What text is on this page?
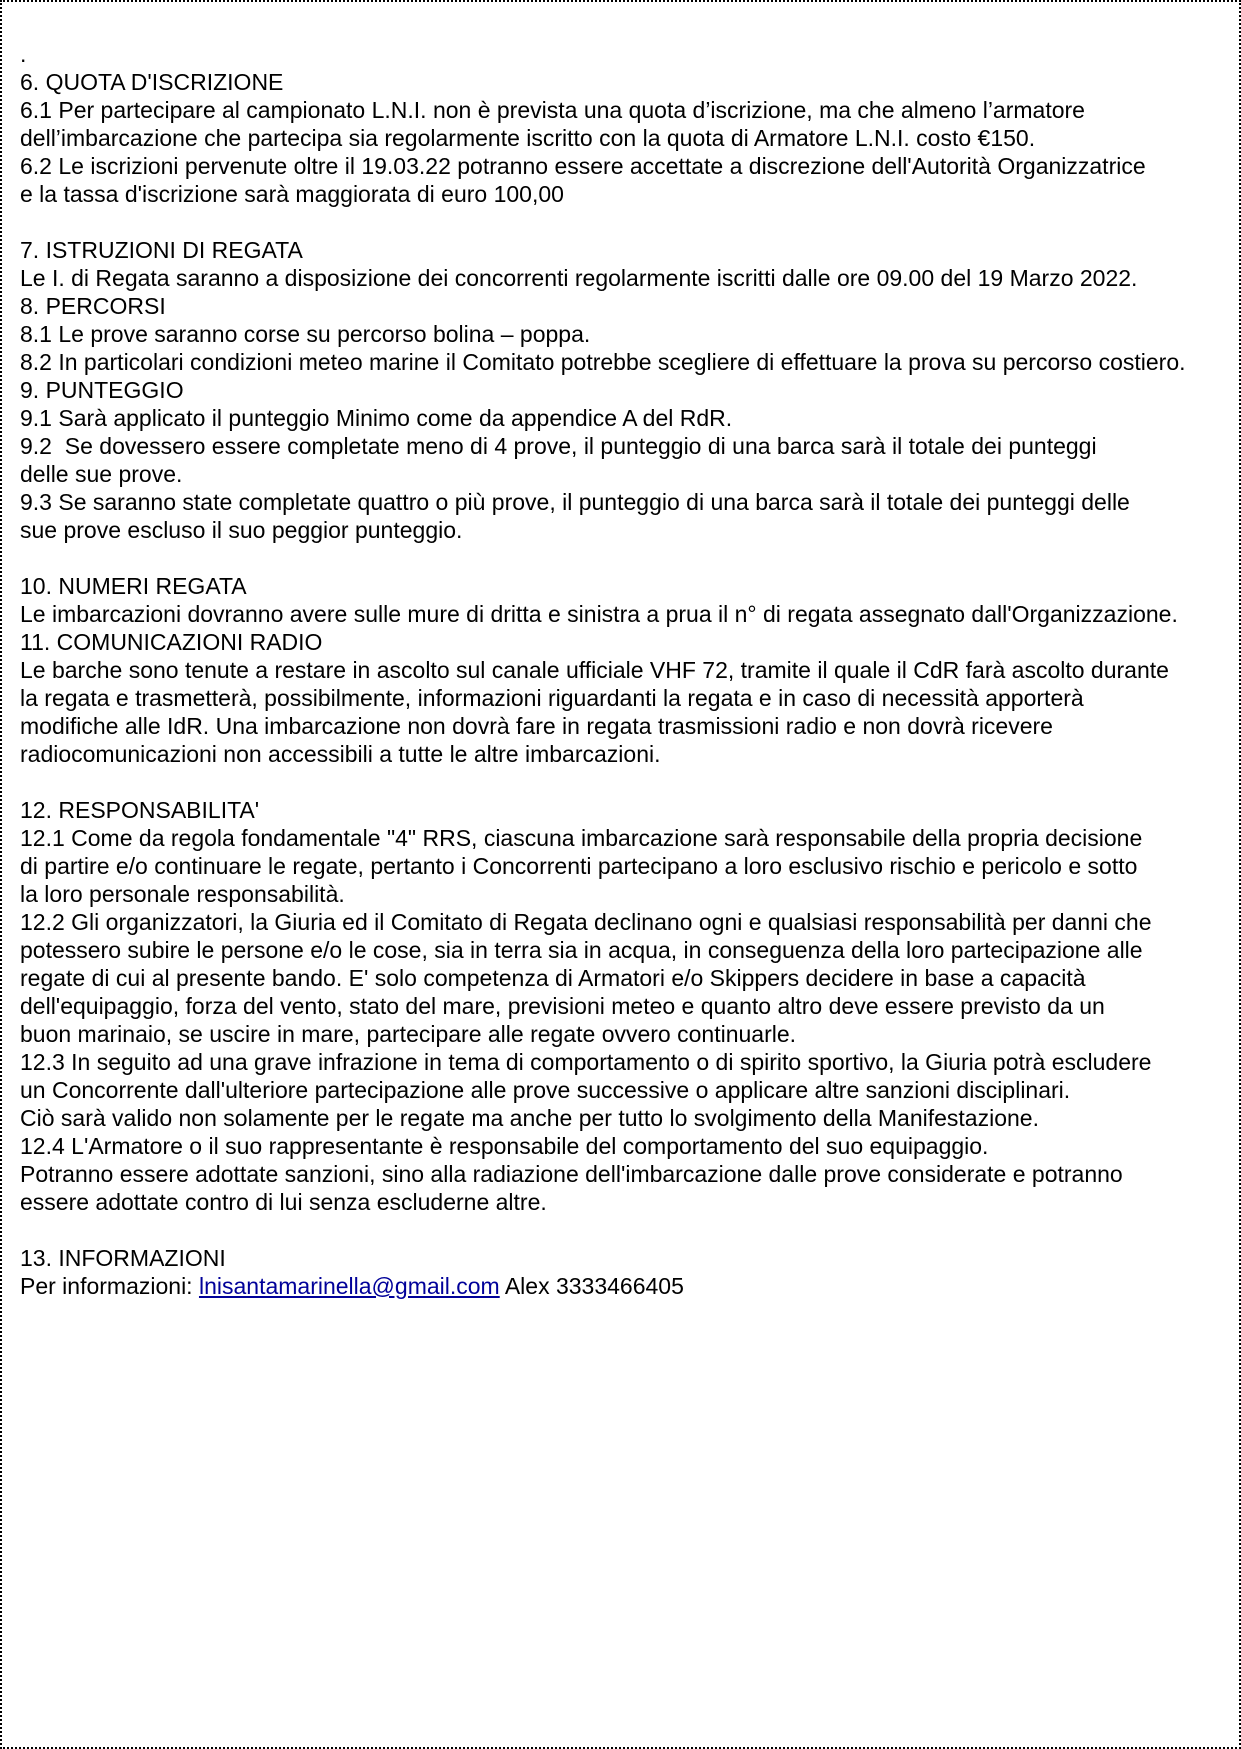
.
6. QUOTA D'ISCRIZIONE
6.1 Per partecipare al campionato L.N.I. non è prevista una quota d’iscrizione, ma che almeno l’armatore
dell’imbarcazione che partecipa sia regolarmente iscritto con la quota di Armatore L.N.I. costo €150.
6.2 Le iscrizioni pervenute oltre il 19.03.22 potranno essere accettate a discrezione dell'Autorità Organizzatrice
e la tassa d'iscrizione sarà maggiorata di euro 100,00
7. ISTRUZIONI DI REGATA
Le I. di Regata saranno a disposizione dei concorrenti regolarmente iscritti dalle ore 09.00 del 19 Marzo 2022.
8. PERCORSI
8.1 Le prove saranno corse su percorso bolina – poppa.
8.2 In particolari condizioni meteo marine il Comitato potrebbe scegliere di effettuare la prova su percorso costiero.
9. PUNTEGGIO
9.1 Sarà applicato il punteggio Minimo come da appendice A del RdR.
9.2  Se dovessero essere completate meno di 4 prove, il punteggio di una barca sarà il totale dei punteggi
delle sue prove.
9.3 Se saranno state completate quattro o più prove, il punteggio di una barca sarà il totale dei punteggi delle
sue prove escluso il suo peggior punteggio.
10. NUMERI REGATA
Le imbarcazioni dovranno avere sulle mure di dritta e sinistra a prua il n° di regata assegnato dall'Organizzazione.
11. COMUNICAZIONI RADIO
Le barche sono tenute a restare in ascolto sul canale ufficiale VHF 72, tramite il quale il CdR farà ascolto durante
la regata e trasmetterà, possibilmente, informazioni riguardanti la regata e in caso di necessità apporterà
modifiche alle IdR. Una imbarcazione non dovrà fare in regata trasmissioni radio e non dovrà ricevere
radiocomunicazioni non accessibili a tutte le altre imbarcazioni.
12. RESPONSABILITA'
12.1 Come da regola fondamentale "4" RRS, ciascuna imbarcazione sarà responsabile della propria decisione
di partire e/o continuare le regate, pertanto i Concorrenti partecipano a loro esclusivo rischio e pericolo e sotto
la loro personale responsabilità.
12.2 Gli organizzatori, la Giuria ed il Comitato di Regata declinano ogni e qualsiasi responsabilità per danni che
potessero subire le persone e/o le cose, sia in terra sia in acqua, in conseguenza della loro partecipazione alle
regate di cui al presente bando. E' solo competenza di Armatori e/o Skippers decidere in base a capacità
dell'equipaggio, forza del vento, stato del mare, previsioni meteo e quanto altro deve essere previsto da un
buon marinaio, se uscire in mare, partecipare alle regate ovvero continuarle.
12.3 In seguito ad una grave infrazione in tema di comportamento o di spirito sportivo, la Giuria potrà escludere
un Concorrente dall'ulteriore partecipazione alle prove successive o applicare altre sanzioni disciplinari.
Ciò sarà valido non solamente per le regate ma anche per tutto lo svolgimento della Manifestazione.
12.4 L'Armatore o il suo rappresentante è responsabile del comportamento del suo equipaggio.
Potranno essere adottate sanzioni, sino alla radiazione dell'imbarcazione dalle prove considerate e potranno
essere adottate contro di lui senza escluderne altre.
13. INFORMAZIONI
Per informazioni: lnisantamarinella@gmail.com Alex 3333466405
